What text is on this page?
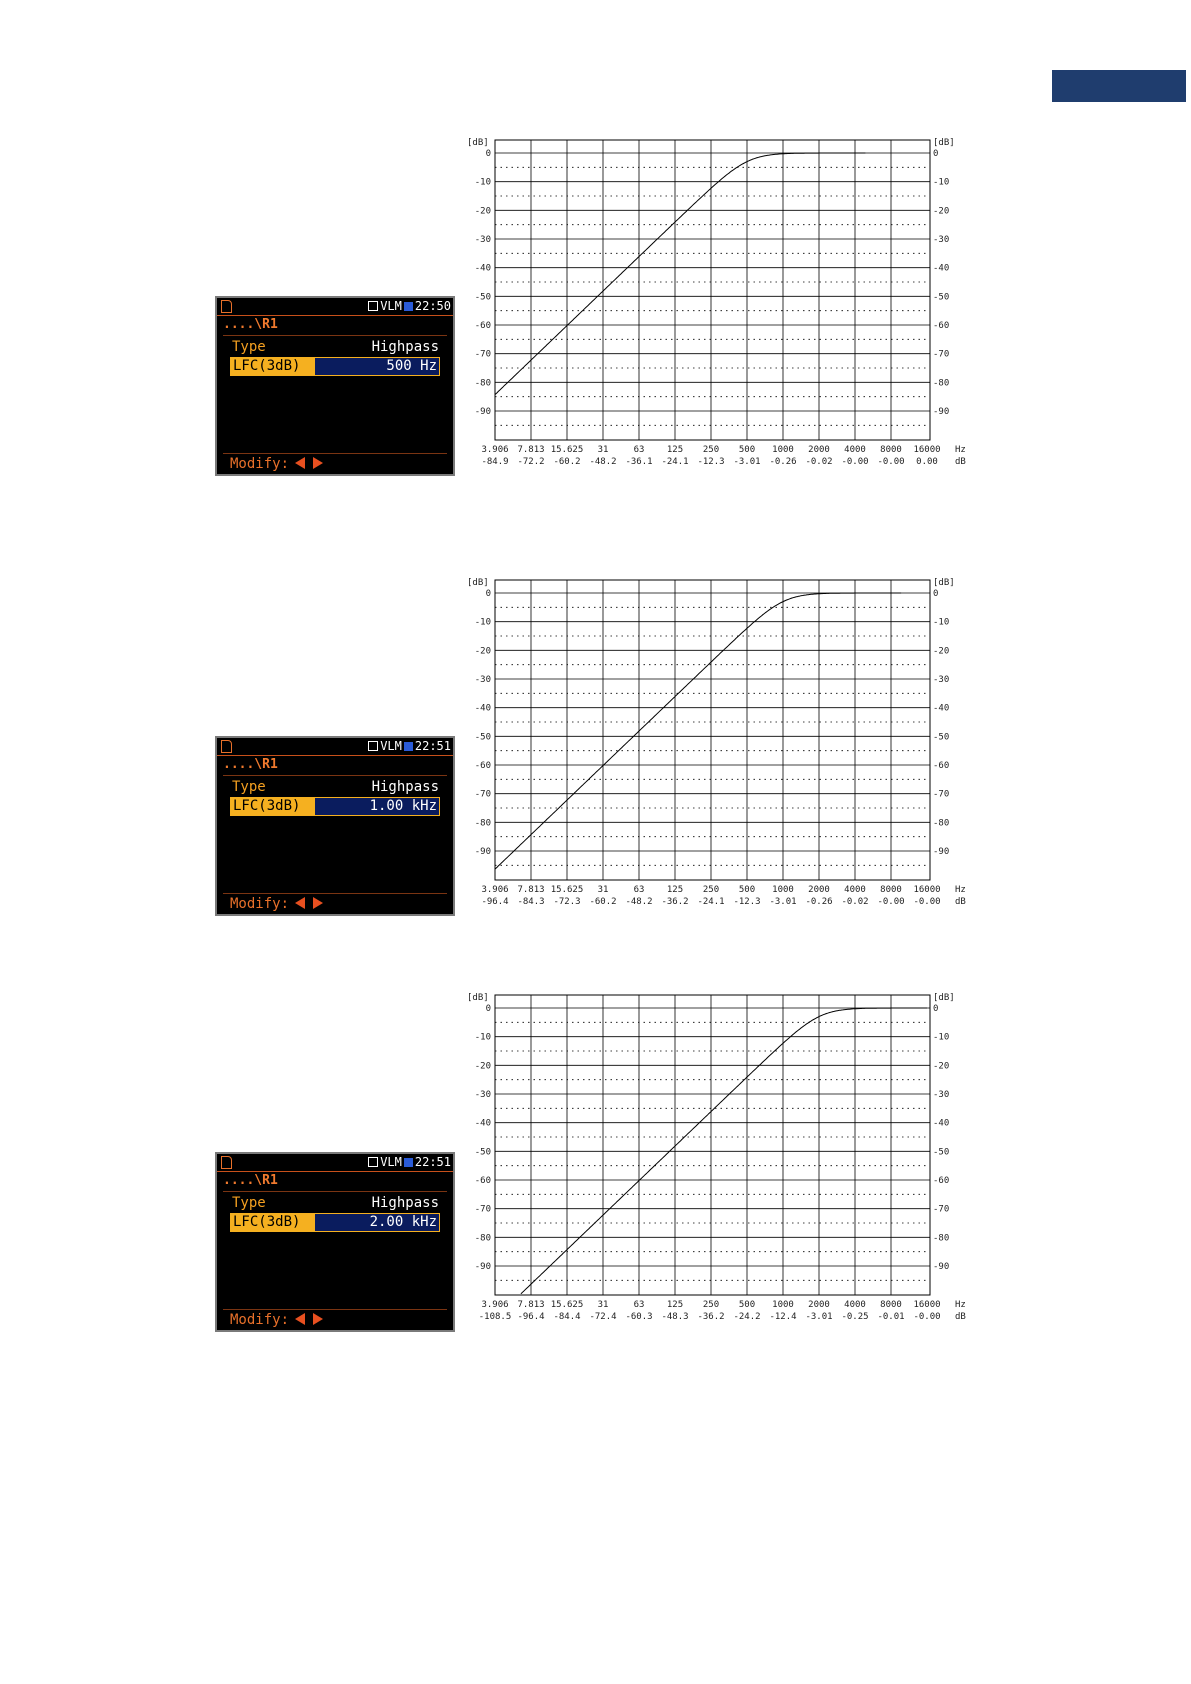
VLM 22:50
....\R1
Type	Highpass
LFC(3dB)	500 Hz
Modify:
[dB]	[dB]
0	0
-10	-10
-20	-20
-30	-30
-40	-40
-50	-50
-60	-60
-70	-70
-80	-80
-90	-90
3.906 7.813 15.625 31	63 125 250 500 1000 2000 4000 8000 16000
-84.9 -72.2 -60.2 -48.2 -36.1 -24.1 -12.3 -3.01 -0.26 -0.02 -0.00 -0.00 0.00
Hz
dB
VLM 22:51
....\R1
Type	Highpass
LFC(3dB)	1.00 kHz
Modify:
[dB]	[dB]
0	0
-10	-10
-20	-20
-30	-30
-40	-40
-50	-50
-60	-60
-70	-70
-80	-80
-90	-90
3.906 7.813 15.625 31	63 125 250 500 1000 2000 4000 8000 16000
-96.4 -84.3 -72.3 -60.2 -48.2 -36.2 -24.1 -12.3 -3.01 -0.26 -0.02 -0.00 -0.00
Hz
dB
VLM 22:51
....\R1
Type	Highpass
LFC(3dB)	2.00 kHz
Modify:
[dB]	[dB]
0	0
-10	-10
-20	-20
-30	-30
-40	-40
-50	-50
-60	-60
-70	-70
-80	-80
-90	-90
3.906 7.813 15.625 31	63 125 250 500 1000 2000 4000 8000 16000
-108.5 -96.4 -84.4 -72.4 -60.3 -48.3 -36.2 -24.2 -12.4 -3.01 -0.25 -0.01 -0.00
Hz
dB
